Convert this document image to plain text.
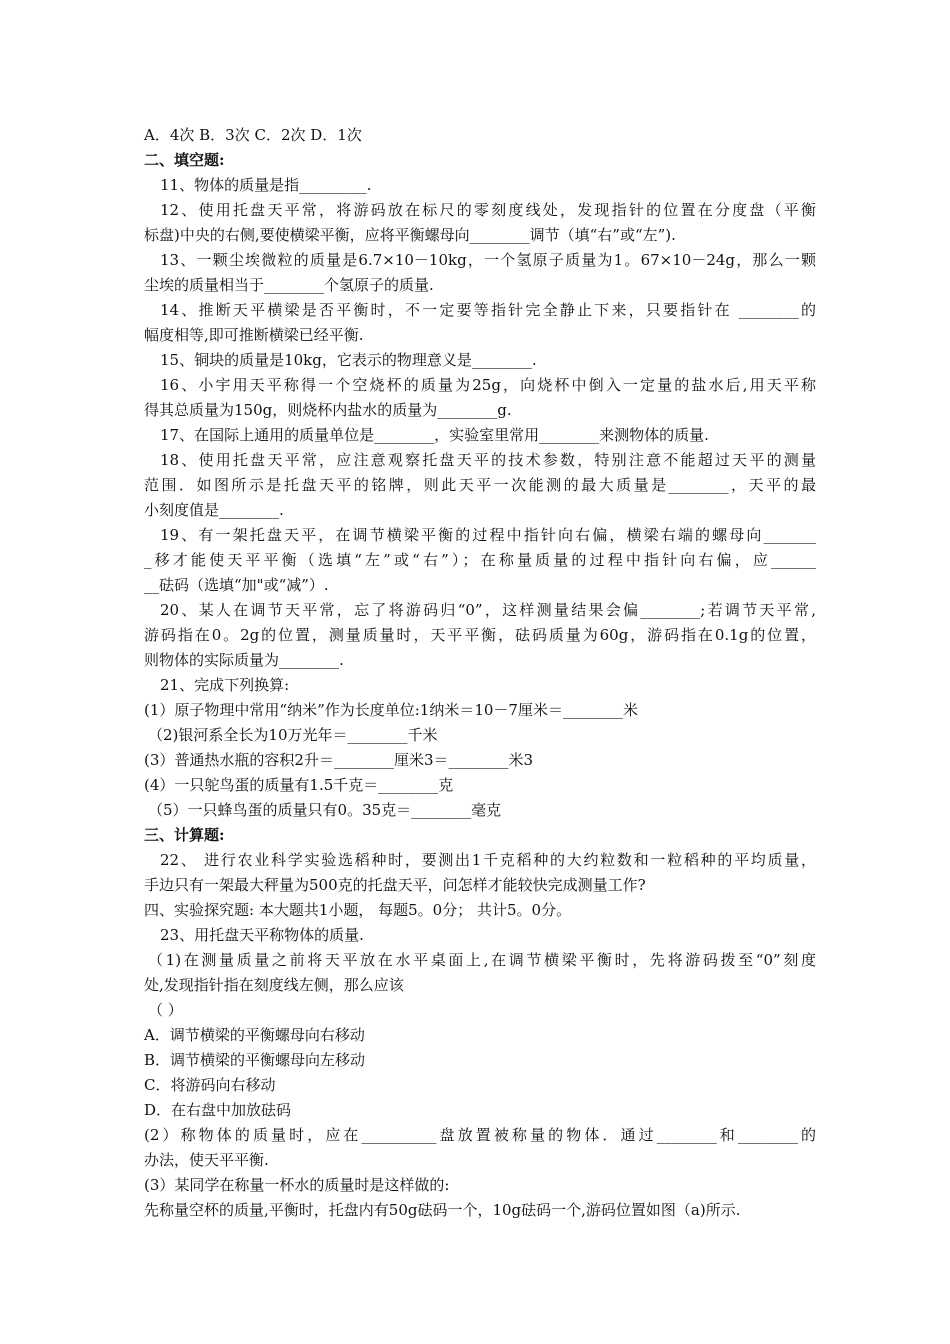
A．4次 B．3次 C．2次 D．1次
二、填空题:
11、物体的质量是指_________.
12、使用托盘天平常，将游码放在标尺的零刻度线处，发现指针的位置在分度盘（平衡
标盘)中央的右侧,要使横梁平衡，应将平衡螺母向________调节（填“右”或“左”).
13、一颗尘埃微粒的质量是6.7×10－10kg，一个氢原子质量为1。67×10－24g，那么一颗
尘埃的质量相当于________个氢原子的质量.
14、推断天平横梁是否平衡时，不一定要等指针完全静止下来，只要指针在 ________的
幅度相等,即可推断横梁已经平衡.
15、铜块的质量是10kg，它表示的物理意义是________.
16、小宇用天平称得一个空烧杯的质量为25g，向烧杯中倒入一定量的盐水后,用天平称
得其总质量为150g，则烧杯内盐水的质量为________g.
17、在国际上通用的质量单位是________，实验室里常用________来测物体的质量.
18、使用托盘天平常，应注意观察托盘天平的技术参数，特别注意不能超过天平的测量
范围．如图所示是托盘天平的铭牌，则此天平一次能测的最大质量是________，天平的最
小刻度值是________.
19、有一架托盘天平，在调节横梁平衡的过程中指针向右偏，横梁右端的螺母向_______
_移才能使天平平衡（选填“左”或“右”）；在称量质量的过程中指针向右偏，应______
__砝码（选填“加"或“减”）.
20、某人在调节天平常，忘了将游码归“0”，这样测量结果会偏________;若调节天平常,
游码指在0。2g的位置，测量质量时，天平平衡，砝码质量为60g，游码指在0.1g的位置，
则物体的实际质量为________.
21、完成下列换算:
(1）原子物理中常用“纳米”作为长度单位:1纳米＝10－7厘米＝________米
（2)银河系全长为10万光年＝________千米
(3）普通热水瓶的容积2升＝________厘米3＝________米3
(4）一只鸵鸟蛋的质量有1.5千克＝________克
（5）一只蜂鸟蛋的质量只有0。35克＝________毫克
三、计算题:
22、 进行农业科学实验选稻种时，要测出1千克稻种的大约粒数和一粒稻种的平均质量，
手边只有一架最大秤量为500克的托盘天平，问怎样才能较快完成测量工作?
四、实验探究题: 本大题共1小题， 每题5。0分； 共计5。0分。
23、用托盘天平称物体的质量.
（1)在测量质量之前将天平放在水平桌面上,在调节横梁平衡时，先将游码拨至“0”刻度
处,发现指针指在刻度线左侧，那么应该
（ ）
A．调节横梁的平衡螺母向右移动
B．调节横梁的平衡螺母向左移动
C．将游码向右移动
D．在右盘中加放砝码
(2）称物体的质量时，应在__________盘放置被称量的物体．通过________和________的
办法，使天平平衡.
(3）某同学在称量一杯水的质量时是这样做的:
先称量空杯的质量,平衡时，托盘内有50g砝码一个，10g砝码一个,游码位置如图（a)所示.
